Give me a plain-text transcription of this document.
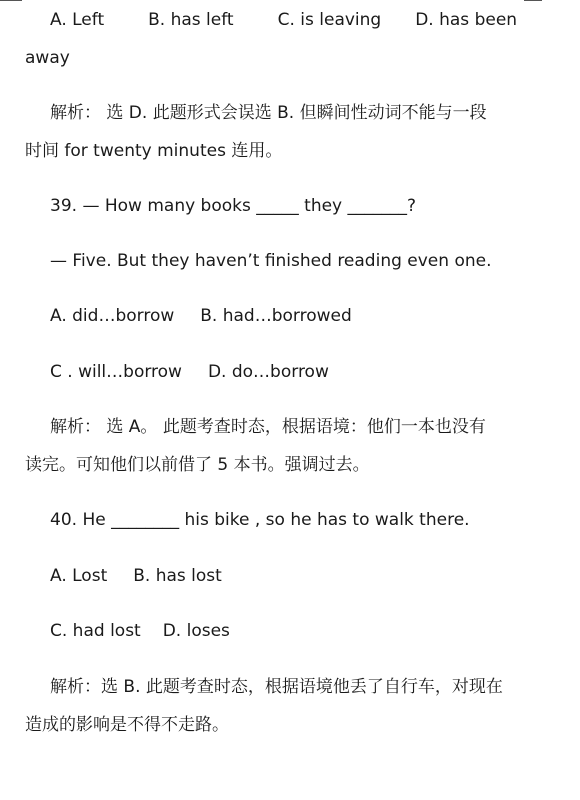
A. Left	B. has left	C. is leaving D. has been
away
解析： 选 D. 此题形式会误选 B. 但瞬间性动词不能与一段
时间 for twenty minutes 连用。
39. — How many books _____ they _______?
— Five. But they haven’t finished reading even one.
A. did…borrow B. had…borrowed
C . will…borrow D. do…borrow
解析： 选 A。 此题考查时态，根据语境：他们一本也没有
读完。可知他们以前借了 5 本书。强调过去。
40. He ________ his bike , so he has to walk there.
A. Lost B. has lost
C. had lost D. loses
解析：选 B. 此题考查时态，根据语境他丢了自行车，对现在
造成的影响是不得不走路。
